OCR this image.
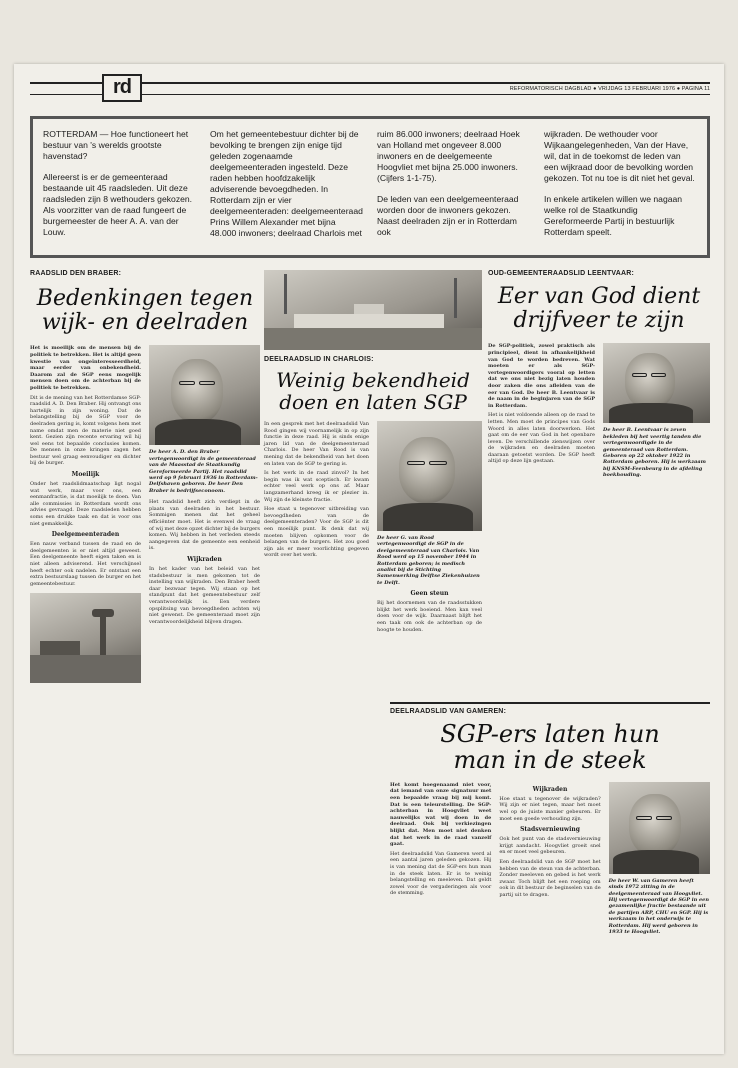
rd	REFORMATORISCH DAGBLAD ● VRIJDAG 13 FEBRUARI 1976 ● PAGINA 11

ROTTERDAM — Hoe functioneert het bestuur van 's werelds grootste havenstad?

Allereerst is er de gemeenteraad bestaande uit 45 raadsleden. Uit deze raadsleden zijn 8 wethouders gekozen. Als voorzitter van de raad fungeert de burgemeester de heer A. A. van der Louw.

Om het gemeentebestuur dichter bij de bevolking te brengen zijn enige tijd geleden zogenaamde deelgemeenteraden ingesteld. Deze raden hebben hoofdzakelijk adviserende bevoegdheden. In Rotterdam zijn er vier deelgemeenteraden: deelgemeenteraad Prins Willem Alexander met bijna 48.000 inwoners; deelraad Charlois met

ruim 86.000 inwoners; deelraad Hoek van Holland met ongeveer 8.000 inwoners en de deelgemeente Hoogvliet met bijna 25.000 inwoners. (Cijfers 1-1-75).

De leden van een deelgemeenteraad worden door de inwoners gekozen. Naast deelraden zijn er in Rotterdam ook

wijkraden. De wethouder voor Wijkaangelegenheden, Van der Have, wil, dat in de toekomst de leden van een wijkraad door de bevolking worden gekozen. Tot nu toe is dit niet het geval.

In enkele artikelen willen we nagaan welke rol de Staatkundig Gereformeerde Partij in bestuurlijk Rotterdam speelt.

RAADSLID DEN BRABER:
Bedenkingen tegen
wijk- en deelraden

Het is moeilijk om de mensen bij de politiek te betrekken. Het is altijd geen kwestie van ongeïnteresseerdheid, maar eerder van onbekendheid. Daarom zal de SGP eens mogelijk mensen doen om de achterban bij de politiek te betrekken.

Dit is de mening van het Rotterdamse SGP-raadslid A. D. Den Braber. Hij ontvangt ons hartelijk in zijn woning. Dat de belangstelling bij de SGP voor de deelraden gering is, komt volgens hem met name omdat men de materie niet goed kent. Gezien zijn recente ervaring wil hij wel eens tot bepaalde conclusies komen. De mensen in onze kringen zagen het bestuur wel graag eenvoudiger en dichter bij de burger.

Moeilijk

Onder het raadslidmaatschap ligt nogal wat werk, maar voor ons, een eenmanfractie, is dat moeilijk te doen. Van alle commissies in Rotterdam wordt ons advies gevraagd. Deze raadsleden hebben soms een drukke taak en dat is voor ons niet gemakkelijk.

Deelgemeenteraden

Een nauw verband tussen de raad en de deelgemeenten is er niet altijd geweest. Een deelgemeente heeft eigen taken en is niet alleen adviserend. Het verschijnsel heeft echter ook nadelen. Er ontstaat een extra bestuurslaag tussen de burger en het gemeentebestuur.

De heer A. D. den Braber vertegenwoordigt in de gemeenteraad van de Maasstad de Staatkundig Gereformeerde Partij. Het raadslid werd op 9 februari 1936 in Rotterdam-Delfshaven geboren. De heer Den Braber is bedrijfseconoom.

Het raadslid heeft zich verdiept in de plaats van deelraden in het bestuur. Sommigen menen dat het geheel efficiënter moet. Het is evenwel de vraag of wij met deze opzet dichter bij de burgers komen. Wij hebben in het verleden steeds aangegeven dat de gemeente een eenheid is.

Wijkraden

In het kader van het beleid van het stadsbestuur is men gekomen tot de instelling van wijkraden. Den Braber heeft daar bezwaar tegen. Wij staan op het standpunt dat het gemeentebestuur zelf verantwoordelijk is. Een verdere opsplitsing van bevoegdheden achten wij niet gewenst. De gemeenteraad moet zijn verantwoordelijkheid blijven dragen.

DEELRAADSLID IN CHARLOIS:
Weinig bekendheid
doen en laten SGP

In een gesprek met het deelraadslid Van Rood gingen wij voornamelijk in op zijn functie in deze raad. Hij is sinds enige jaren lid van de deelgemeenteraad Charlois. De heer Van Rood is van mening dat de bekendheid van het doen en laten van de SGP te gering is.

Is het werk in de raad zinvol? In het begin was ik wat sceptisch. Er kwam echter veel werk op ons af. Maar langzamerhand kreeg ik er plezier in. Wij zijn de kleinste fractie.

Hoe staat u tegenover uitbreiding van bevoegdheden van de deelgemeenteraden? Voor de SGP is dit een moeilijk punt. Ik denk dat wij moeten blijven opkomen voor de belangen van de burgers. Het zou goed zijn als er meer voorlichting gegeven wordt over het werk.

De heer G. van Rood vertegenwoordigt de SGP in de deelgemeenteraad van Charlois. Van Rood werd op 15 november 1944 in Rotterdam geboren; is medisch analist bij de Stichting Samenwerking Delftse Ziekenhuizen te Delft.

Geen steun

Bij het doornemen van de raadsstukken blijkt het werk boeiend. Men kan veel doen voor de wijk. Daarnaast blijft het een taak om ook de achterban op de hoogte te houden.

OUD-GEMEENTERAADSLID LEENTVAAR:
Eer van God dient
drijfveer te zijn

De SGP-politiek, zowel praktisch als principieel, dient in afhankelijkheid van God te worden bedreven. Wat moeten er als SGP-vertegenwoordigers vooral op letten dat we ons niet bezig laten houden door zaken die ons afleiden van de eer van God. De heer B. Leentvaar is de naam in de beginjaren van de SGP in Rotterdam.

Het is niet voldoende alleen op de raad te letten. Men moet de principes van Gods Woord in alles laten doorwerken. Het gaat om de eer van God in het openbare leven. De verschillende zienswijzen over de wijkraden en deelraden moeten daaraan getoetst worden. De SGP heeft altijd op deze lijn gestaan.

De heer B. Leentvaar is zeven bekleden bij het veertig tanden die vertegenwoordigde in de gemeenteraad van Rotterdam. Geboren op 22 oktober 1922 in Rotterdam geboren. Hij is werkzaam bij KNSM-Feenbeurg in de afdeling boekhouding.

DEELRAADSLID VAN GAMEREN:
SGP-ers laten hun
man in de steek

Het komt hoegenaamd niet voor, dat iemand van onze signatuur met een bepaalde vraag bij mij komt. Dat is een teleurstelling. De SGP-achterban in Hoogvliet weet nauwelijks wat wij doen in de deelraad. Ook bij verkiezingen blijkt dat. Men moet niet denken dat het werk in de raad vanzelf gaat.

Het deelraadslid Van Gameren werd al een aantal jaren geleden gekozen. Hij is van mening dat de SGP-ers hun man in de steek laten. Er is te weinig belangstelling en meeleven. Dat geldt zowel voor de vergaderingen als voor de stemming.

Wijkraden

Hoe staat u tegenover de wijkraden? Wij zijn er niet tegen, maar het moet wel op de juiste manier gebeuren. Er moet een goede verhouding zijn.

Stadsvernieuwing

Ook het punt van de stadsvernieuwing krijgt aandacht. Hoogvliet groeit snel en er moet veel gebeuren.

Een deelraadslid van de SGP moet het hebben van de steun van de achterban. Zonder meeleven en gebed is het werk zwaar. Toch blijft het een roeping om ook in dit bestuur de beginselen van de partij uit te dragen.

De heer W. van Gameren heeft sinds 1972 zitting in de deelgemeenteraad van Hoogvliet. Hij vertegenwoordigt de SGP in een gezamenlijke fractie bestaande uit de partijen ARP, CHU en SGP. Hij is werkzaam in het onderwijs te Rotterdam. Hij werd geboren in 1933 te Hoogvliet.
